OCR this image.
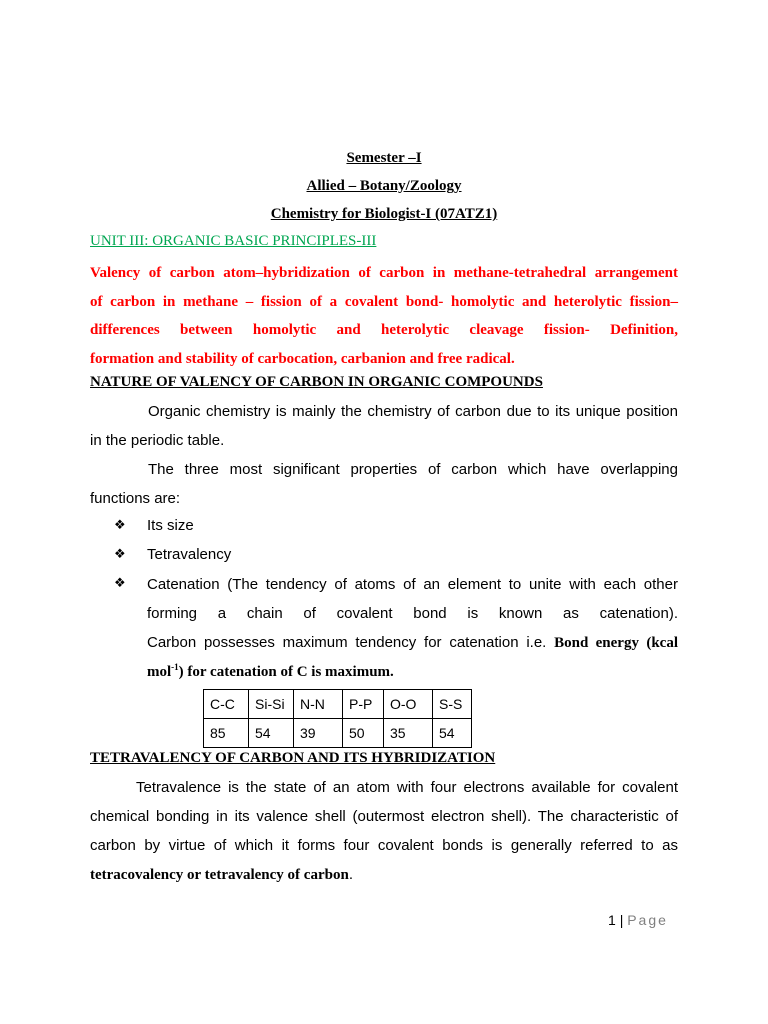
Semester –I
Allied – Botany/Zoology
Chemistry for Biologist-I (07ATZ1)
UNIT III: ORGANIC BASIC PRINCIPLES-III
Valency of carbon atom–hybridization of carbon in methane-tetrahedral arrangement
of carbon in methane – fission of a covalent bond- homolytic and heterolytic fission–
differences between homolytic and heterolytic cleavage fission- Definition,
formation and stability of carbocation, carbanion and free radical.
NATURE OF VALENCY OF CARBON IN ORGANIC COMPOUNDS
Organic chemistry is mainly the chemistry of carbon due to its unique position
in the periodic table.
The three most significant properties of carbon which have overlapping
functions are:
❖ Its size
❖ Tetravalency
❖ Catenation (The tendency of atoms of an element to unite with each other
forming a chain of covalent bond is known as catenation).
Carbon possesses maximum tendency for catenation i.e. Bond energy (kcal
mol$^{-1}$) for catenation of C is maximum.
C-C	Si-Si	N-N	P-P	O-O	S-S
85	54	39	50	35	54
TETRAVALENCY OF CARBON AND ITS HYBRIDIZATION
Tetravalence is the state of an atom with four electrons available for covalent
chemical bonding in its valence shell (outermost electron shell). The characteristic of
carbon by virtue of which it forms four covalent bonds is generally referred to as
tetracovalency or tetravalency of carbon.
1 | Page
